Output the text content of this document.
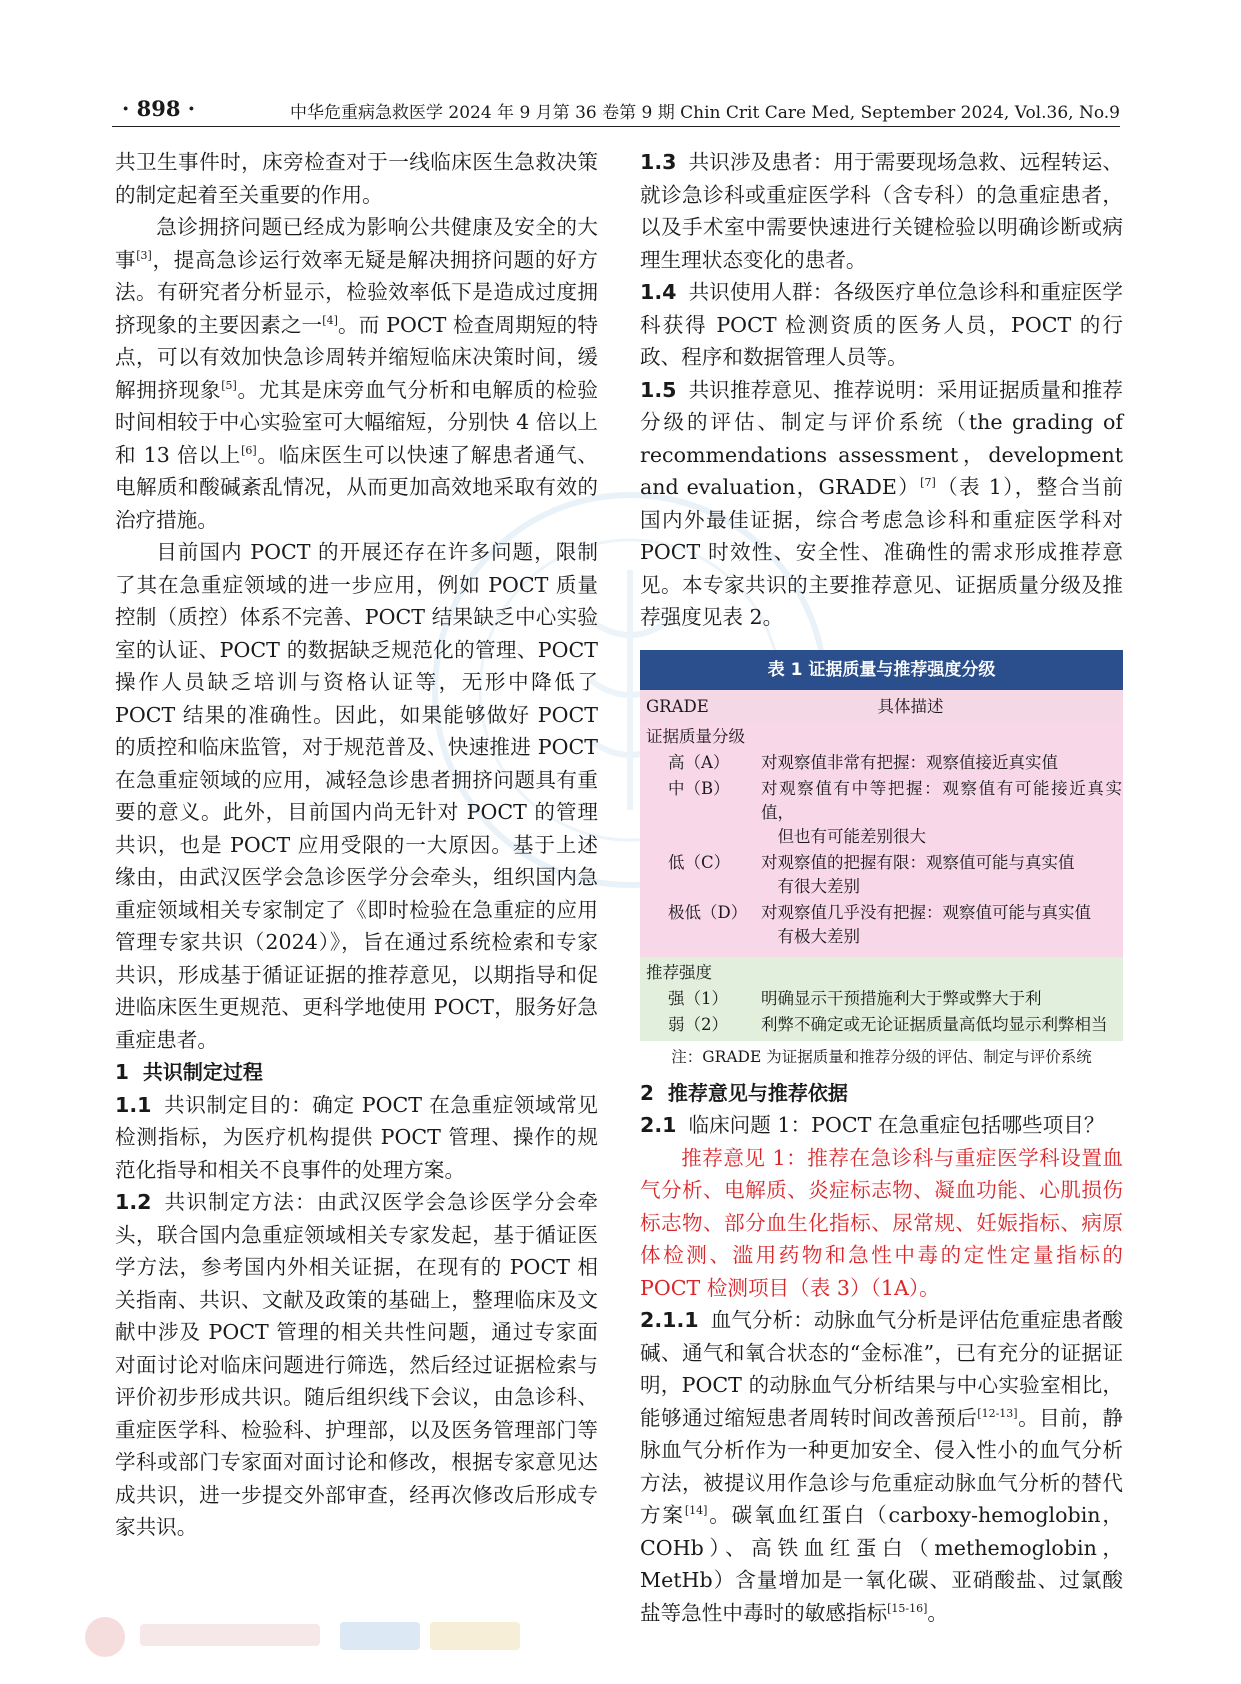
· 898 ·	中华危重病急救医学 2024 年 9 月第 36 卷第 9 期 Chin Crit Care Med, September 2024, Vol.36, No.9

共卫生事件时，床旁检查对于一线临床医生急救决策的制定起着至关重要的作用。

急诊拥挤问题已经成为影响公共健康及安全的大事[3]，提高急诊运行效率无疑是解决拥挤问题的好方法。有研究者分析显示，检验效率低下是造成过度拥挤现象的主要因素之一[4]。而 POCT 检查周期短的特点，可以有效加快急诊周转并缩短临床决策时间，缓解拥挤现象[5]。尤其是床旁血气分析和电解质的检验时间相较于中心实验室可大幅缩短，分别快 4 倍以上和 13 倍以上[6]。临床医生可以快速了解患者通气、电解质和酸碱紊乱情况，从而更加高效地采取有效的治疗措施。

目前国内 POCT 的开展还存在许多问题，限制了其在急重症领域的进一步应用，例如 POCT 质量控制（质控）体系不完善、POCT 结果缺乏中心实验室的认证、POCT 的数据缺乏规范化的管理、POCT 操作人员缺乏培训与资格认证等，无形中降低了 POCT 结果的准确性。因此，如果能够做好 POCT 的质控和临床监管，对于规范普及、快速推进 POCT 在急重症领域的应用，减轻急诊患者拥挤问题具有重要的意义。此外，目前国内尚无针对 POCT 的管理共识，也是 POCT 应用受限的一大原因。基于上述缘由，由武汉医学会急诊医学分会牵头，组织国内急重症领域相关专家制定了《即时检验在急重症的应用管理专家共识（2024）》，旨在通过系统检索和专家共识，形成基于循证证据的推荐意见，以期指导和促进临床医生更规范、更科学地使用 POCT，服务好急重症患者。

1 共识制定过程

1.1 共识制定目的：确定 POCT 在急重症领域常见检测指标，为医疗机构提供 POCT 管理、操作的规范化指导和相关不良事件的处理方案。

1.2 共识制定方法：由武汉医学会急诊医学分会牵头，联合国内急重症领域相关专家发起，基于循证医学方法，参考国内外相关证据，在现有的 POCT 相关指南、共识、文献及政策的基础上，整理临床及文献中涉及 POCT 管理的相关共性问题，通过专家面对面讨论对临床问题进行筛选，然后经过证据检索与评价初步形成共识。随后组织线下会议，由急诊科、重症医学科、检验科、护理部，以及医务管理部门等学科或部门专家面对面讨论和修改，根据专家意见达成共识，进一步提交外部审查，经再次修改后形成专家共识。

1.3 共识涉及患者：用于需要现场急救、远程转运、就诊急诊科或重症医学科（含专科）的急重症患者，以及手术室中需要快速进行关键检验以明确诊断或病理生理状态变化的患者。

1.4 共识使用人群：各级医疗单位急诊科和重症医学科获得 POCT 检测资质的医务人员，POCT 的行政、程序和数据管理人员等。

1.5 共识推荐意见、推荐说明：采用证据质量和推荐分级的评估、制定与评价系统（the grading of recommendations assessment，development and evaluation，GRADE）[7]（表 1），整合当前国内外最佳证据，综合考虑急诊科和重症医学科对 POCT 时效性、安全性、准确性的需求形成推荐意见。本专家共识的主要推荐意见、证据质量分级及推荐强度见表 2。

表 1 证据质量与推荐强度分级	
GRADE	具体描述
证据质量分级	
高（A）	对观察值非常有把握：观察值接近真实值
中（B）	对观察值有中等把握：观察值有可能接近真实值，
但也有可能差别很大

低（C）	对观察值的把握有限：观察值可能与真实值
有很大差别

极低（D）	对观察值几乎没有把握：观察值可能与真实值
有极大差别

推荐强度	
强（1）	明确显示干预措施利大于弊或弊大于利
弱（2）	利弊不确定或无论证据质量高低均显示利弊相当
注：GRADE 为证据质量和推荐分级的评估、制定与评价系统

2 推荐意见与推荐依据

2.1 临床问题 1：POCT 在急重症包括哪些项目？

推荐意见 1：推荐在急诊科与重症医学科设置血气分析、电解质、炎症标志物、凝血功能、心肌损伤标志物、部分血生化指标、尿常规、妊娠指标、病原体检测、滥用药物和急性中毒的定性定量指标的 POCT 检测项目（表 3）（1A）。

2.1.1 血气分析：动脉血气分析是评估危重症患者酸碱、通气和氧合状态的“金标准”，已有充分的证据证明，POCT 的动脉血气分析结果与中心实验室相比，能够通过缩短患者周转时间改善预后[12-13]。目前，静脉血气分析作为一种更加安全、侵入性小的血气分析方法，被提议用作急诊与危重症动脉血气分析的替代方案[14]。碳氧血红蛋白（carboxy-hemoglobin，COHb）、高铁血红蛋白（methemoglobin，MetHb）含量增加是一氧化碳、亚硝酸盐、过氯酸盐等急性中毒时的敏感指标[15-16]。
